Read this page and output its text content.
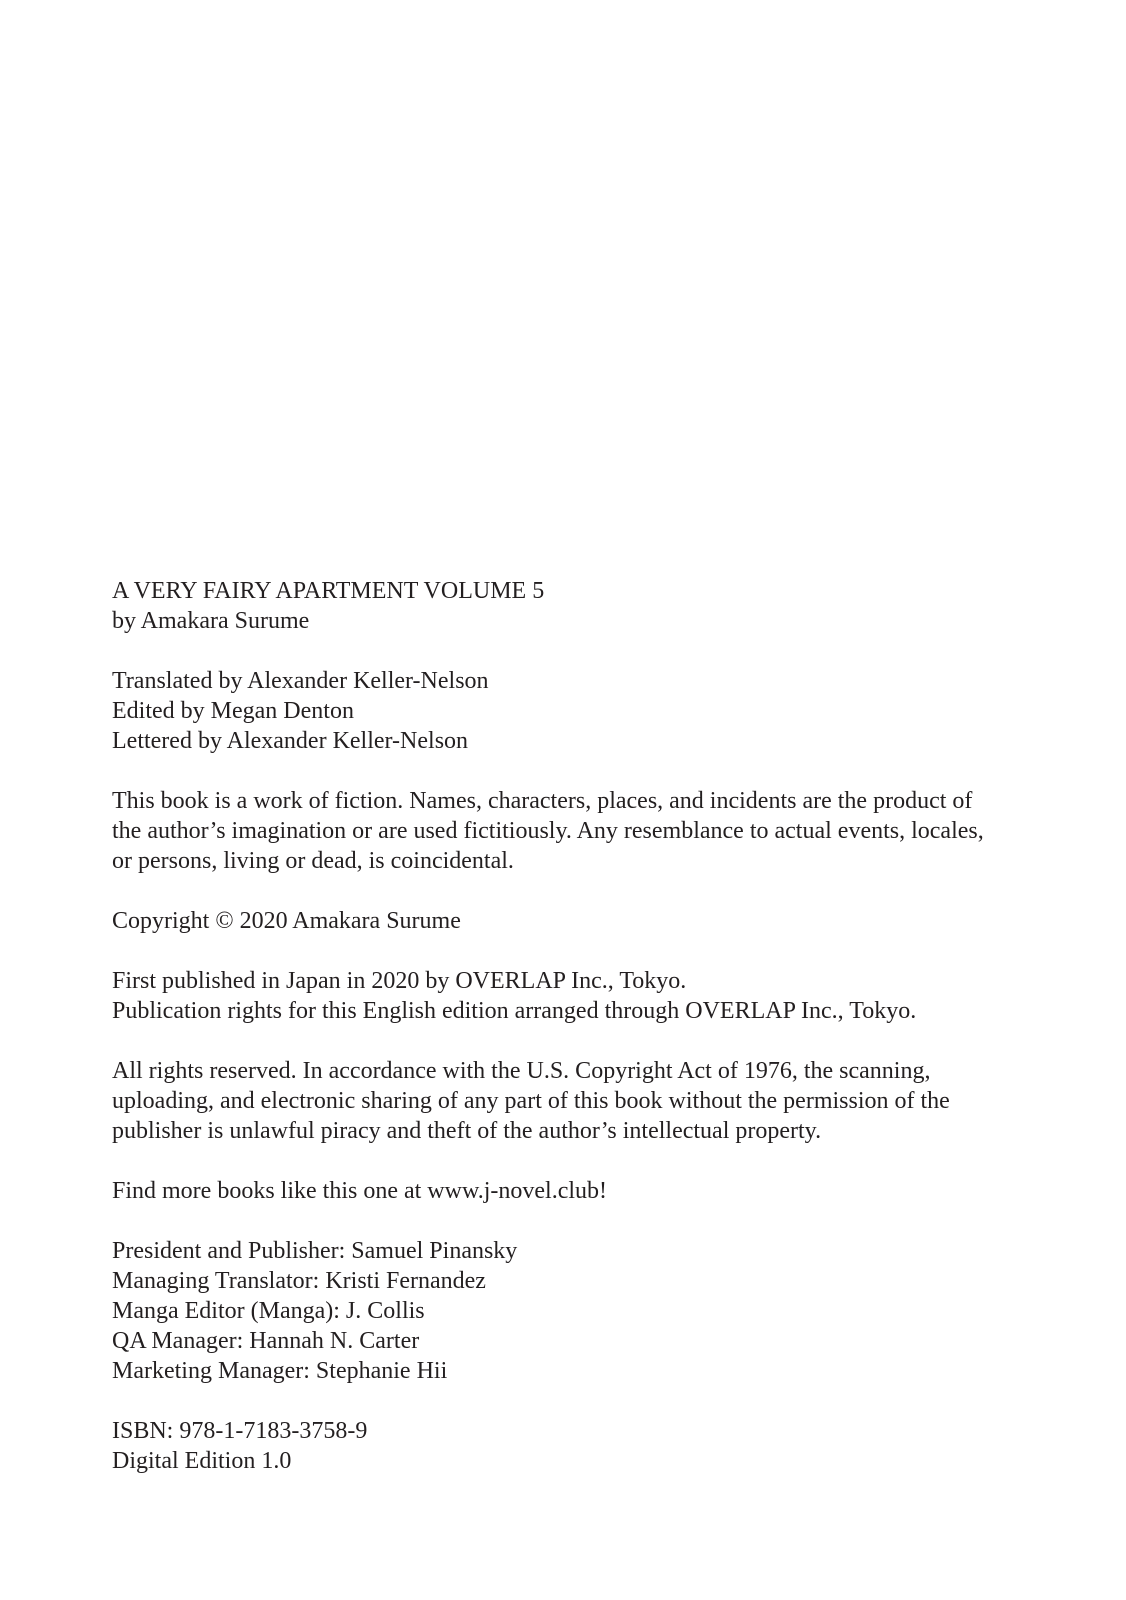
A VERY FAIRY APARTMENT VOLUME 5
by Amakara Surume
Translated by Alexander Keller-Nelson
Edited by Megan Denton
Lettered by Alexander Keller-Nelson
This book is a work of fiction. Names, characters, places, and incidents are the product of
the author’s imagination or are used fictitiously. Any resemblance to actual events, locales,
or persons, living or dead, is coincidental.
Copyright © 2020 Amakara Surume
First published in Japan in 2020 by OVERLAP Inc., Tokyo.
Publication rights for this English edition arranged through OVERLAP Inc., Tokyo.
All rights reserved. In accordance with the U.S. Copyright Act of 1976, the scanning,
uploading, and electronic sharing of any part of this book without the permission of the
publisher is unlawful piracy and theft of the author’s intellectual property.
Find more books like this one at www.j-novel.club!
President and Publisher: Samuel Pinansky
Managing Translator: Kristi Fernandez
Manga Editor (Manga): J. Collis
QA Manager: Hannah N. Carter
Marketing Manager: Stephanie Hii
ISBN: 978-1-7183-3758-9
Digital Edition 1.0
